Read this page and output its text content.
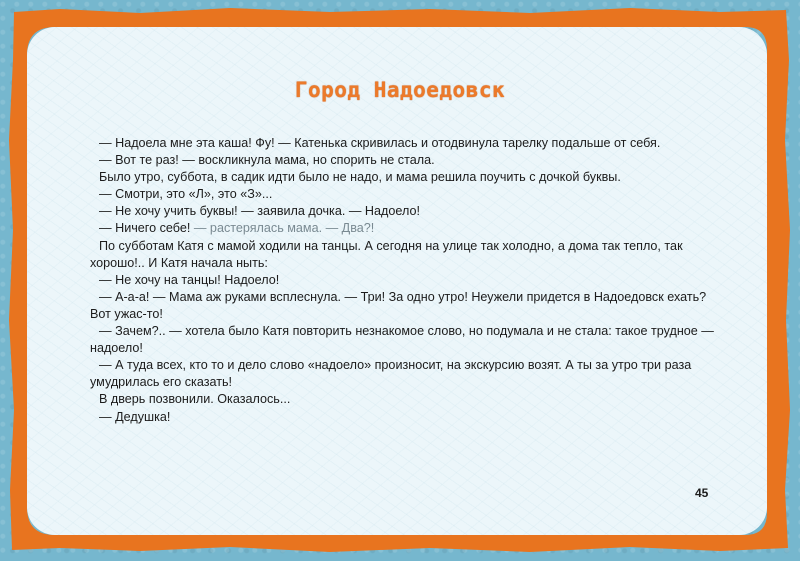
Город Надоедовск

— Надоела мне эта каша! Фу! — Катенька скривилась и отодвинула тарелку подальше от себя.

— Вот те раз! — воскликнула мама, но спорить не стала.

Было утро, суббота, в садик идти было не надо, и мама решила поучить с дочкой буквы.

— Смотри, это «Л», это «З»...

— Не хочу учить буквы! — заявила дочка. — Надоело!

— Ничего себе! — растерялась мама. — Два?!

По субботам Катя с мамой ходили на танцы. А сегодня на улице так холодно, а дома так тепло, так хорошо!.. И Катя начала ныть:

— Не хочу на танцы! Надоело!

— А-а-а! — Мама аж руками всплеснула. — Три! За одно утро! Неужели придется в Надоедовск ехать? Вот ужас-то!

— Зачем?.. — хотела было Катя повторить незнакомое слово, но подумала и не стала: такое трудное — надоело!

— А туда всех, кто то и дело слово «надоело» произносит, на экскурсию возят. А ты за утро три раза умудрилась его сказать!

В дверь позвонили. Оказалось...

— Дедушка!

45
